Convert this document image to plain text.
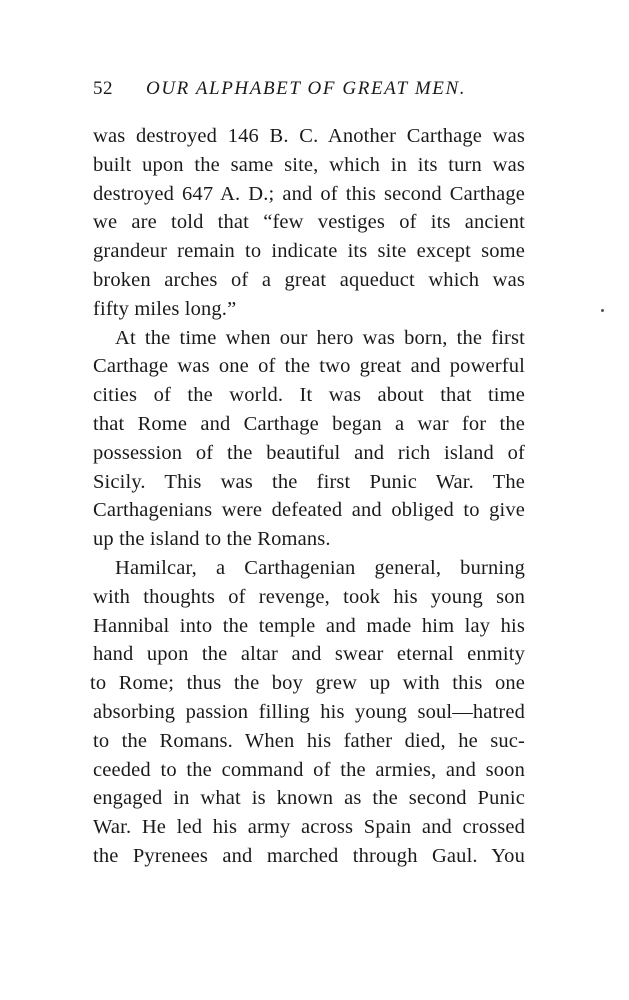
52 OUR ALPHABET OF GREAT MEN.
was destroyed 146 B. C. Another Carthage was
built upon the same site, which in its turn was
destroyed 647 A. D.; and of this second Carthage
we are told that “few vestiges of its ancient
grandeur remain to indicate its site except some
broken arches of a great aqueduct which was
fifty miles long.”
At the time when our hero was born, the first
Carthage was one of the two great and powerful
cities of the world. It was about that time
that Rome and Carthage began a war for the
possession of the beautiful and rich island of
Sicily. This was the first Punic War. The
Carthagenians were defeated and obliged to give
up the island to the Romans.
Hamilcar, a Carthagenian general, burning
with thoughts of revenge, took his young son
Hannibal into the temple and made him lay his
hand upon the altar and swear eternal enmity
to Rome; thus the boy grew up with this one
absorbing passion filling his young soul—hatred
to the Romans. When his father died, he suc-
ceeded to the command of the armies, and soon
engaged in what is known as the second Punic
War. He led his army across Spain and crossed
the Pyrenees and marched through Gaul. You
